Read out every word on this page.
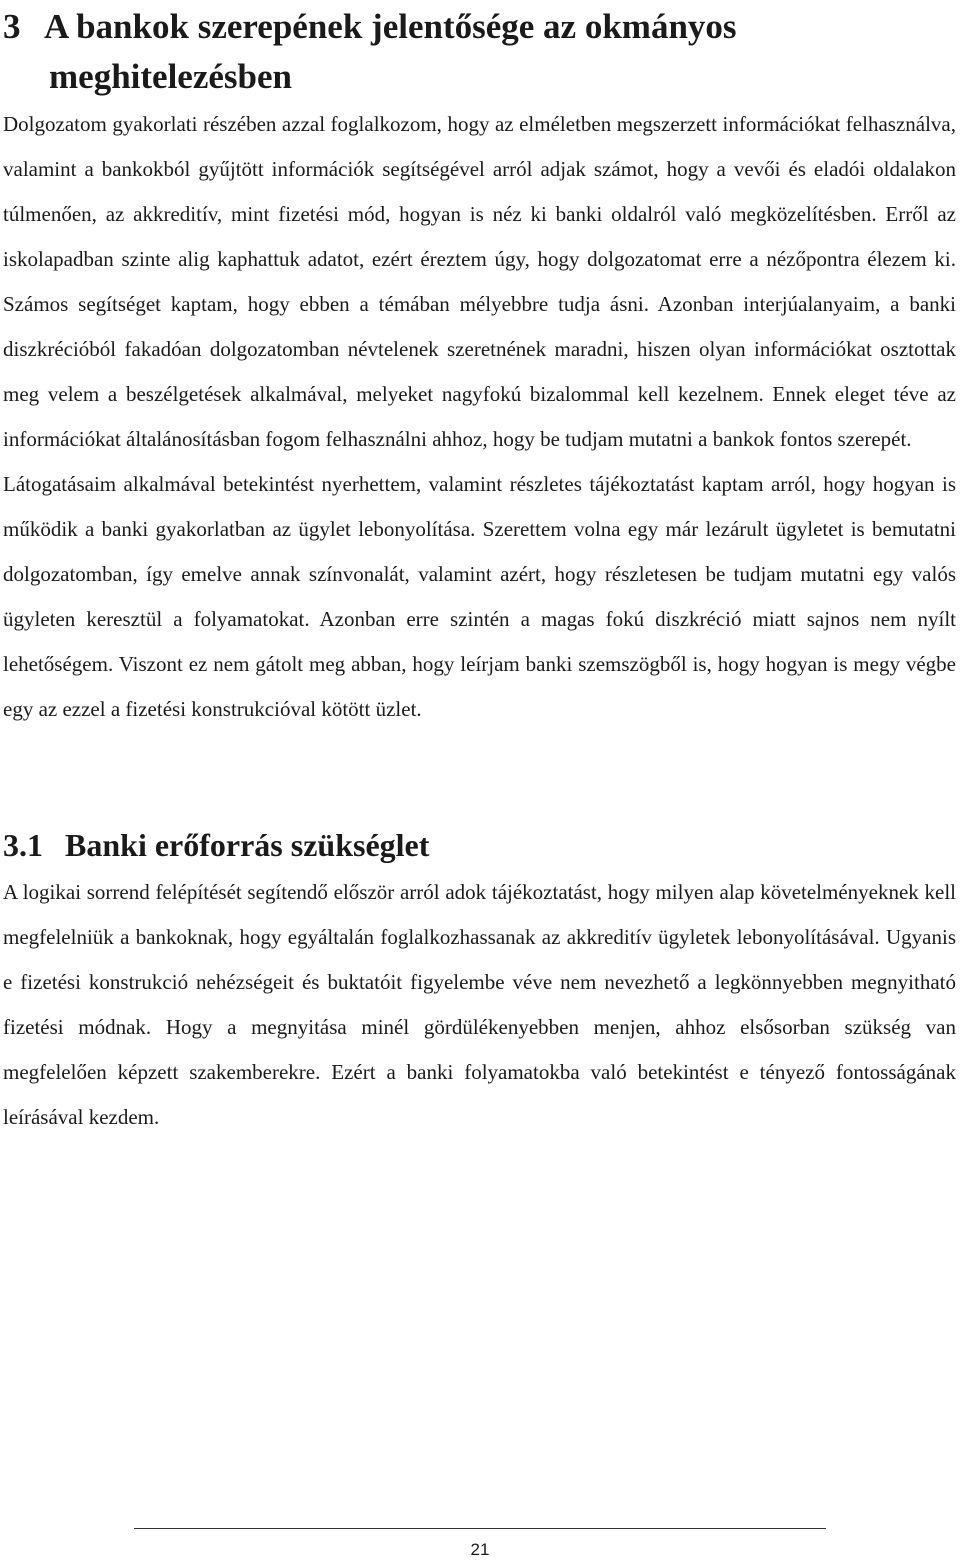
3 A bankok szerepének jelentősége az okmányos
meghitelezésben

Dolgozatom gyakorlati részében azzal foglalkozom, hogy az elméletben megszerzett információkat felhasználva, valamint a bankokból gyűjtött információk segítségével arról adjak számot, hogy a vevői és eladói oldalakon túlmenően, az akkreditív, mint fizetési mód, hogyan is néz ki banki oldalról való megközelítésben. Erről az iskolapadban szinte alig kaphattuk adatot, ezért éreztem úgy, hogy dolgozatomat erre a nézőpontra élezem ki. Számos segítséget kaptam, hogy ebben a témában mélyebbre tudja ásni. Azonban interjúalanyaim, a banki diszkrécióból fakadóan dolgozatomban névtelenek szeretnének maradni, hiszen olyan információkat osztottak meg velem a beszélgetések alkalmával, melyeket nagyfokú bizalommal kell kezelnem. Ennek eleget téve az információkat általánosításban fogom felhasználni ahhoz, hogy be tudjam mutatni a bankok fontos szerepét.

Látogatásaim alkalmával betekintést nyerhettem, valamint részletes tájékoztatást kaptam arról, hogy hogyan is működik a banki gyakorlatban az ügylet lebonyolítása. Szerettem volna egy már lezárult ügyletet is bemutatni dolgozatomban, így emelve annak színvonalát, valamint azért, hogy részletesen be tudjam mutatni egy valós ügyleten keresztül a folyamatokat. Azonban erre szintén a magas fokú diszkréció miatt sajnos nem nyílt lehetőségem. Viszont ez nem gátolt meg abban, hogy leírjam banki szemszögből is, hogy hogyan is megy végbe egy az ezzel a fizetési konstrukcióval kötött üzlet.

3.1 Banki erőforrás szükséglet

A logikai sorrend felépítését segítendő először arról adok tájékoztatást, hogy milyen alap követelményeknek kell megfelelniük a bankoknak, hogy egyáltalán foglalkozhassanak az akkreditív ügyletek lebonyolításával. Ugyanis e fizetési konstrukció nehézségeit és buktatóit figyelembe véve nem nevezhető a legkönnyebben megnyitható fizetési módnak. Hogy a megnyitása minél gördülékenyebben menjen, ahhoz elsősorban szükség van megfelelően képzett szakemberekre. Ezért a banki folyamatokba való betekintést e tényező fontosságának leírásával kezdem.

21
